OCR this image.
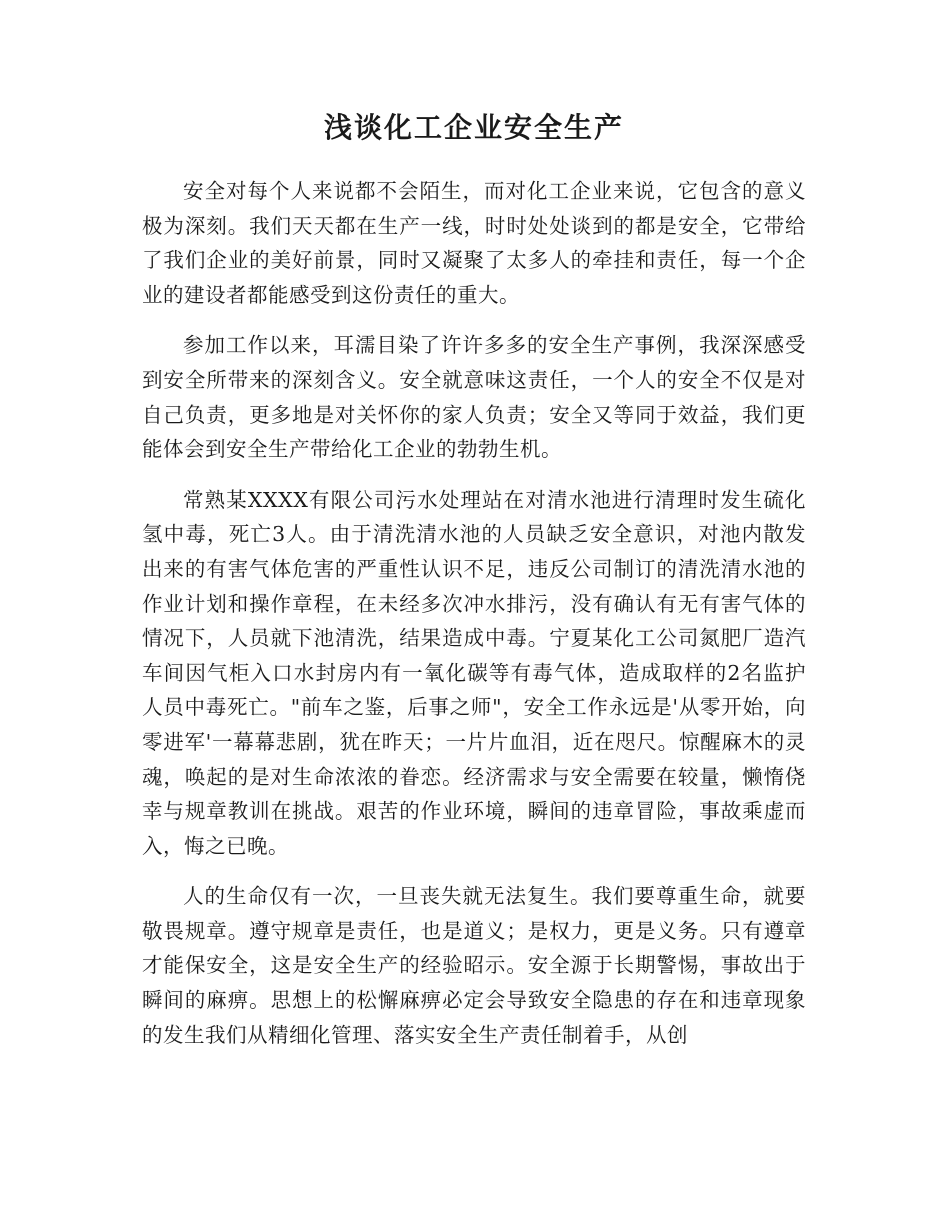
浅谈化工企业安全生产

安全对每个人来说都不会陌生，而对化工企业来说，它包含的意义极为深刻。我们天天都在生产一线，时时处处谈到的都是安全，它带给了我们企业的美好前景，同时又凝聚了太多人的牵挂和责任，每一个企业的建设者都能感受到这份责任的重大。

参加工作以来，耳濡目染了许许多多的安全生产事例，我深深感受到安全所带来的深刻含义。安全就意味这责任，一个人的安全不仅是对自己负责，更多地是对关怀你的家人负责；安全又等同于效益，我们更能体会到安全生产带给化工企业的勃勃生机。

常熟某XXXX有限公司污水处理站在对清水池进行清理时发生硫化氢中毒，死亡3人。由于清洗清水池的人员缺乏安全意识，对池内散发出来的有害气体危害的严重性认识不足，违反公司制订的清洗清水池的作业计划和操作章程，在未经多次冲水排污，没有确认有无有害气体的情况下，人员就下池清洗，结果造成中毒。宁夏某化工公司氮肥厂造汽车间因气柜入口水封房内有一氧化碳等有毒气体，造成取样的2名监护人员中毒死亡。"前车之鉴，后事之师"，安全工作永远是'从零开始，向零进军'一幕幕悲剧，犹在昨天；一片片血泪，近在咫尺。惊醒麻木的灵魂，唤起的是对生命浓浓的眷恋。经济需求与安全需要在较量，懒惰侥幸与规章教训在挑战。艰苦的作业环境，瞬间的违章冒险，事故乘虚而入，悔之已晚。

人的生命仅有一次，一旦丧失就无法复生。我们要尊重生命，就要敬畏规章。遵守规章是责任，也是道义；是权力，更是义务。只有遵章才能保安全，这是安全生产的经验昭示。安全源于长期警惕，事故出于瞬间的麻痹。思想上的松懈麻痹必定会导致安全隐患的存在和违章现象的发生我们从精细化管理、落实安全生产责任制着手，从创
